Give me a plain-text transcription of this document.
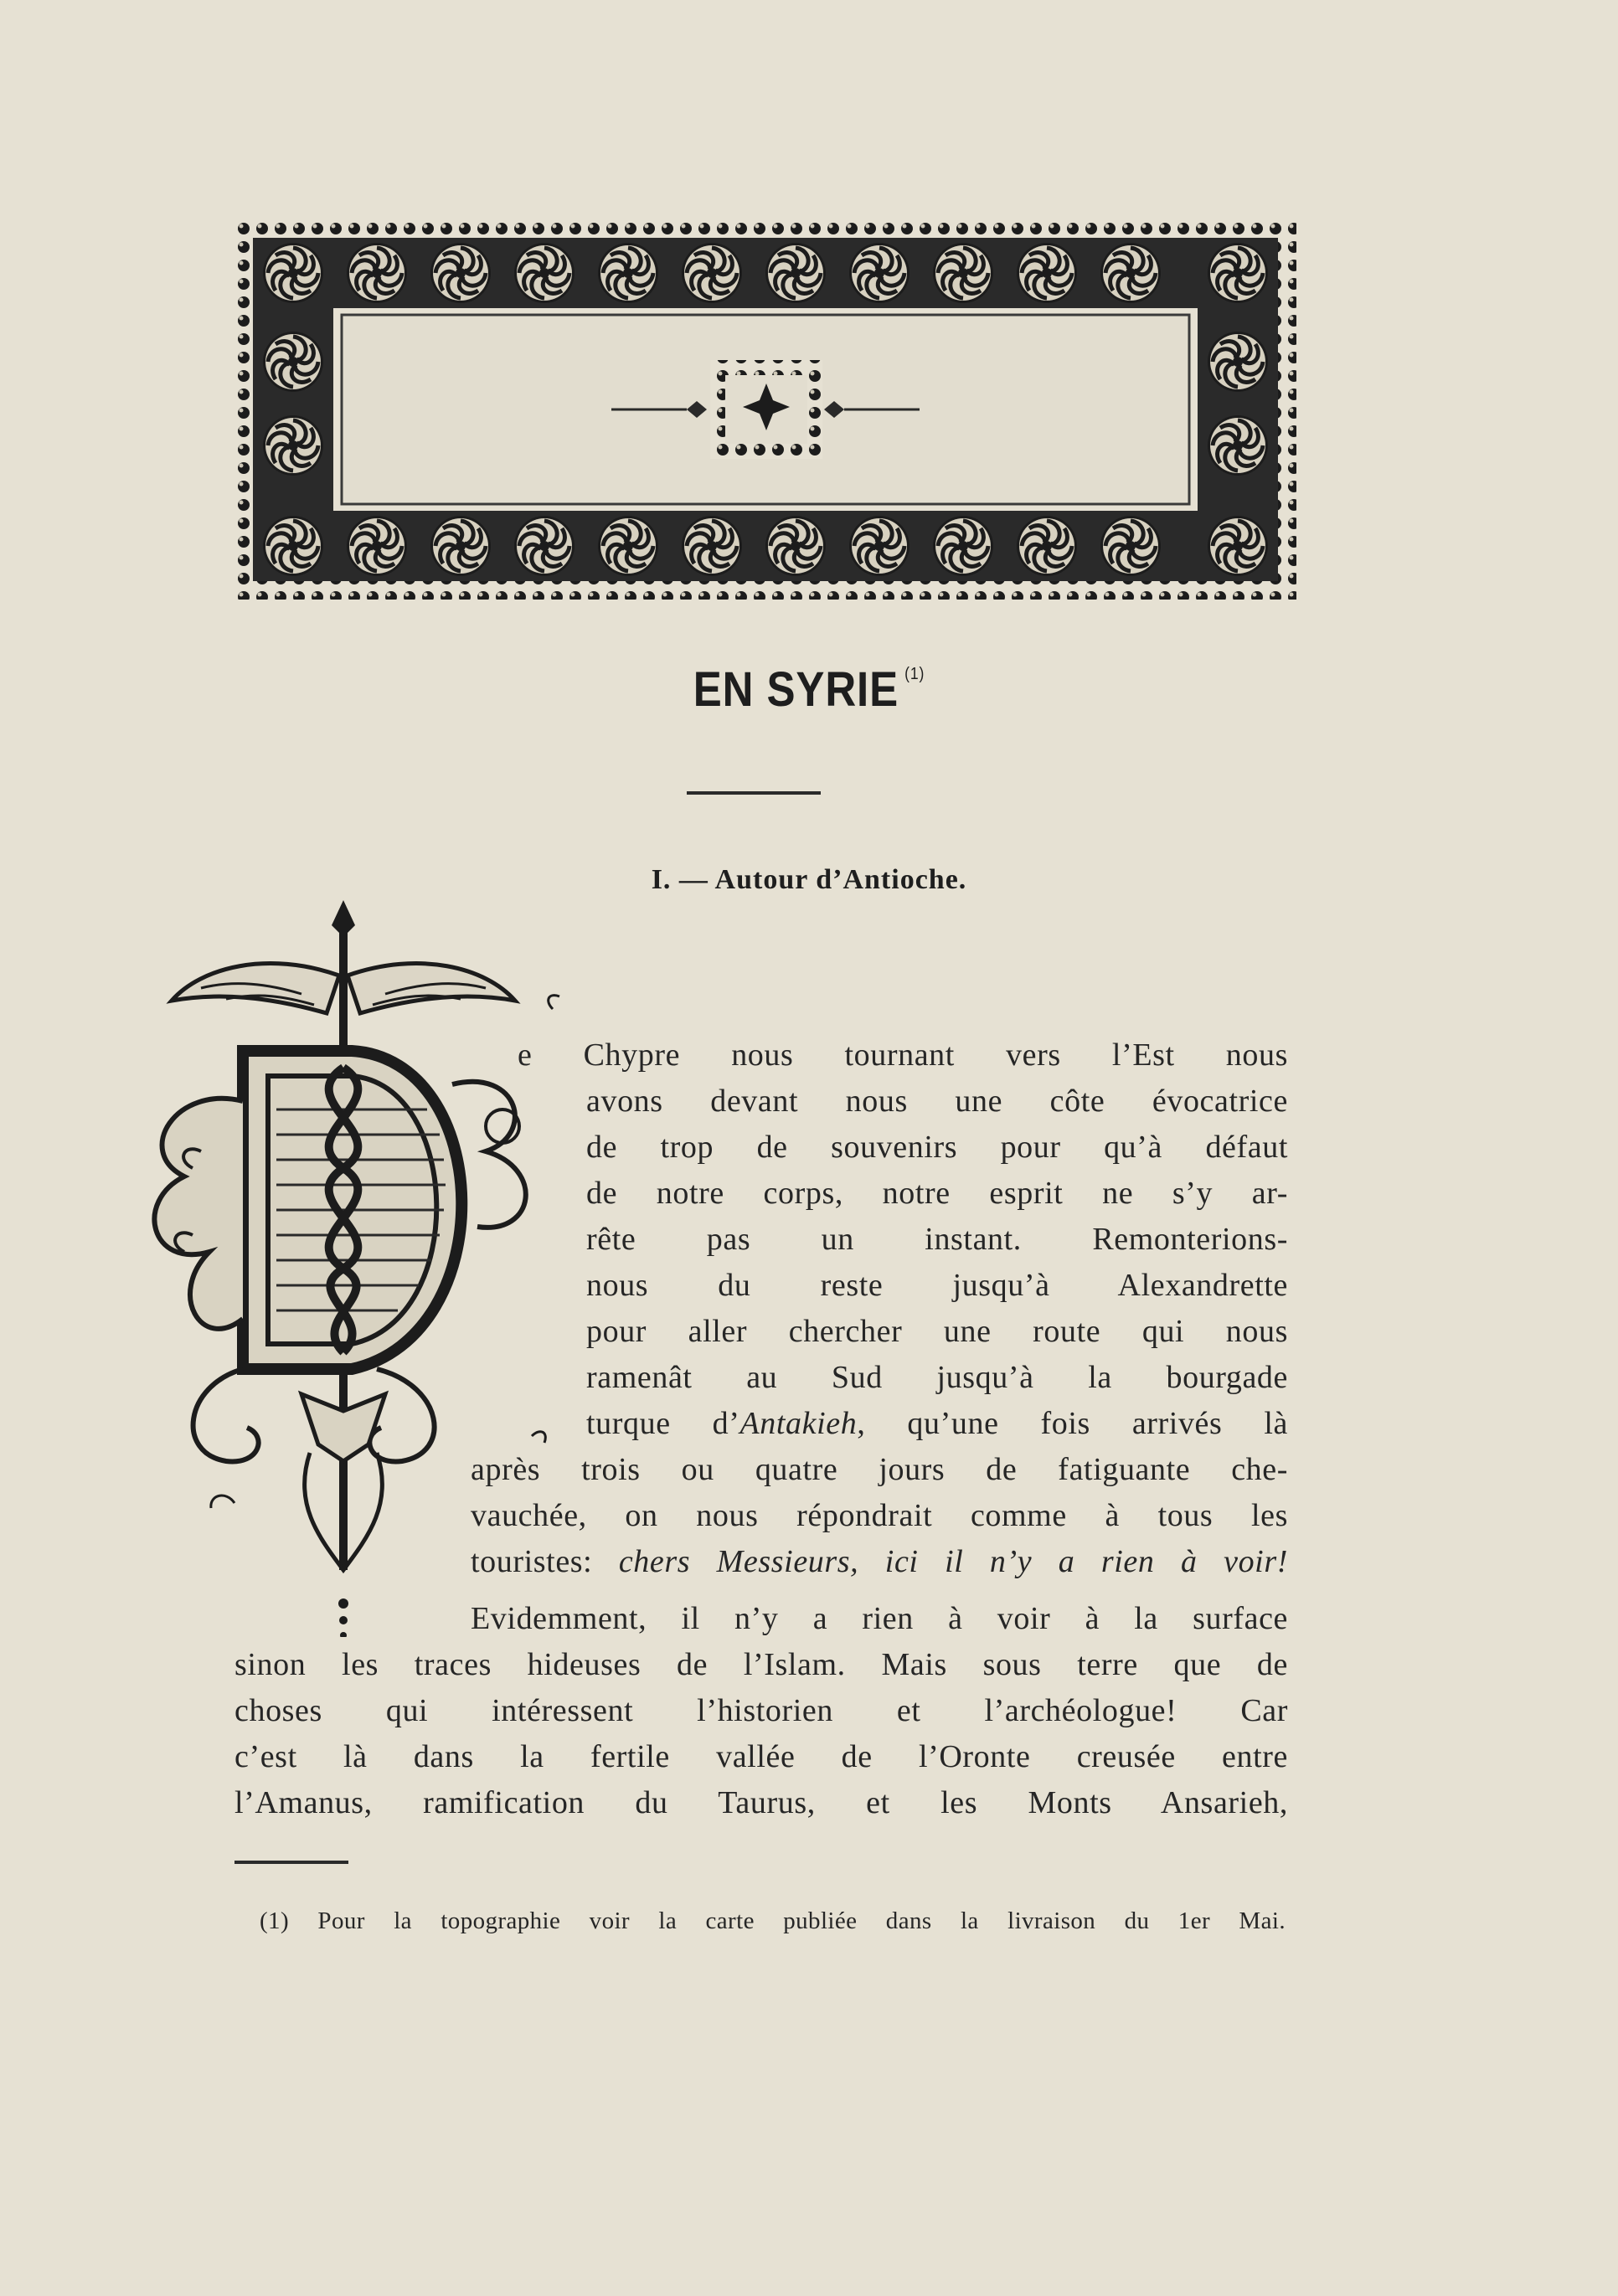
EN SYRIE $^{(1)}$
I. — Autour d’Antioche.
e Chypre nous tournant vers l’Est nous
avons devant nous une côte évocatrice
de trop de souvenirs pour qu’à défaut
de notre corps, notre esprit ne s’y ar-
rête pas un instant. Remonterions-
nous du reste jusqu’à Alexandrette
pour aller chercher une route qui nous
ramenât au Sud jusqu’à la bourgade
turque d’Antakieh, qu’une fois arrivés là
après trois ou quatre jours de fatiguante che-
vauchée, on nous répondrait comme à tous les
touristes: chers Messieurs, ici il n’y a rien à voir!
Evidemment, il n’y a rien à voir à la surface
sinon les traces hideuses de l’Islam. Mais sous terre que de
choses qui intéressent l’historien et l’archéologue! Car
c’est là dans la fertile vallée de l’Oronte creusée entre
l’Amanus, ramification du Taurus, et les Monts Ansarieh,
(1) Pour la topographie voir la carte publiée dans la livraison du 1er Mai.
